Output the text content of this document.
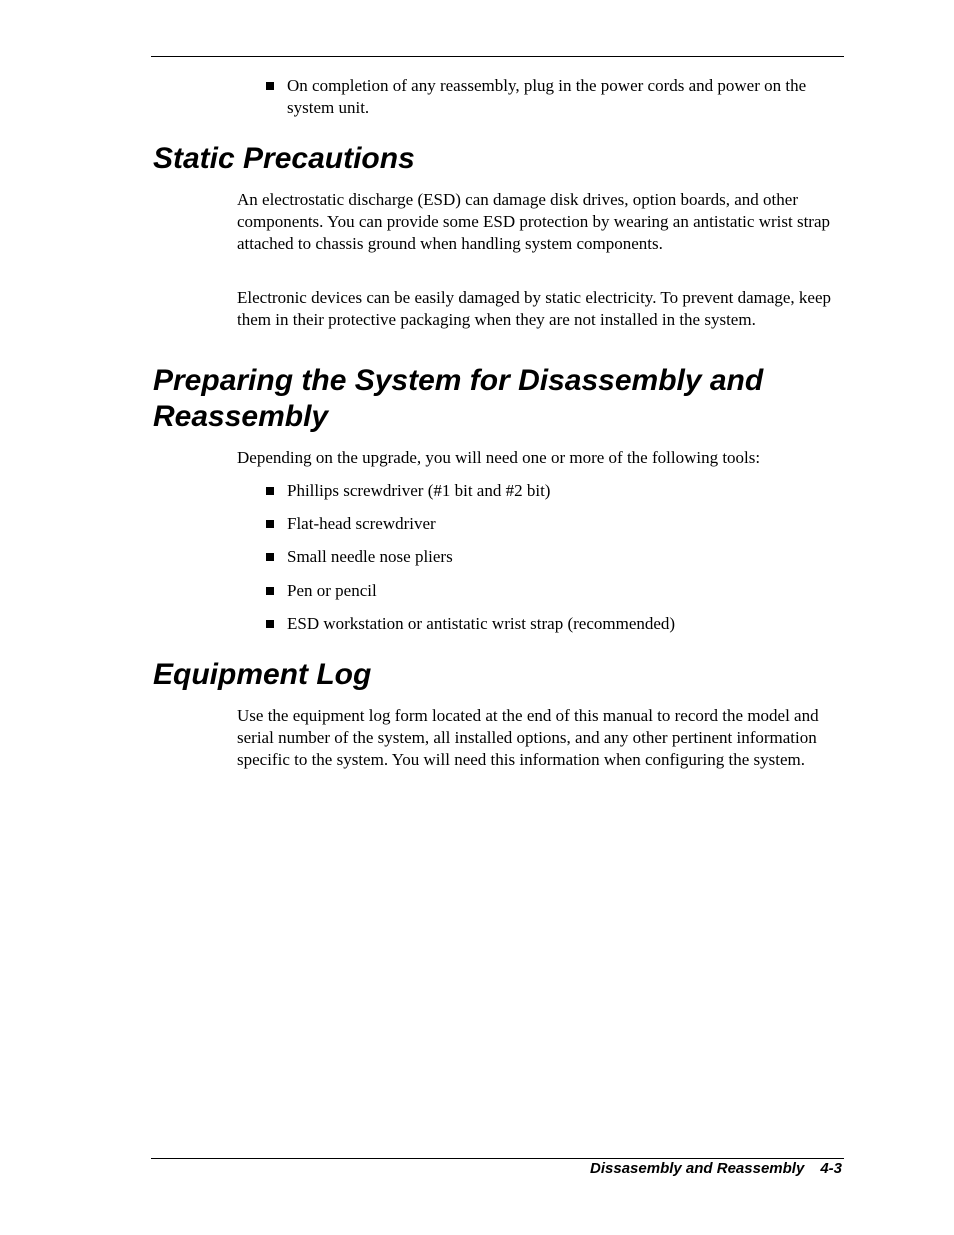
On completion of any reassembly, plug in the power cords and power on the system unit.
Static Precautions

An electrostatic discharge (ESD) can damage disk drives, option boards, and other components. You can provide some ESD protection by wearing an antistatic wrist strap attached to chassis ground when handling system components.

Electronic devices can be easily damaged by static electricity. To prevent damage, keep them in their protective packaging when they are not installed in the system.

Preparing the System for Disassembly and Reassembly

Depending on the upgrade, you will need one or more of the following tools:

Phillips screwdriver (#1 bit and #2 bit)
Flat-head screwdriver
Small needle nose pliers
Pen or pencil
ESD workstation or antistatic wrist strap (recommended)
Equipment Log

Use the equipment log form located at the end of this manual to record the model and serial number of the system, all installed options, and any other pertinent information specific to the system. You will need this information when configuring the system.

Dissasembly and Reassembly 4-3
